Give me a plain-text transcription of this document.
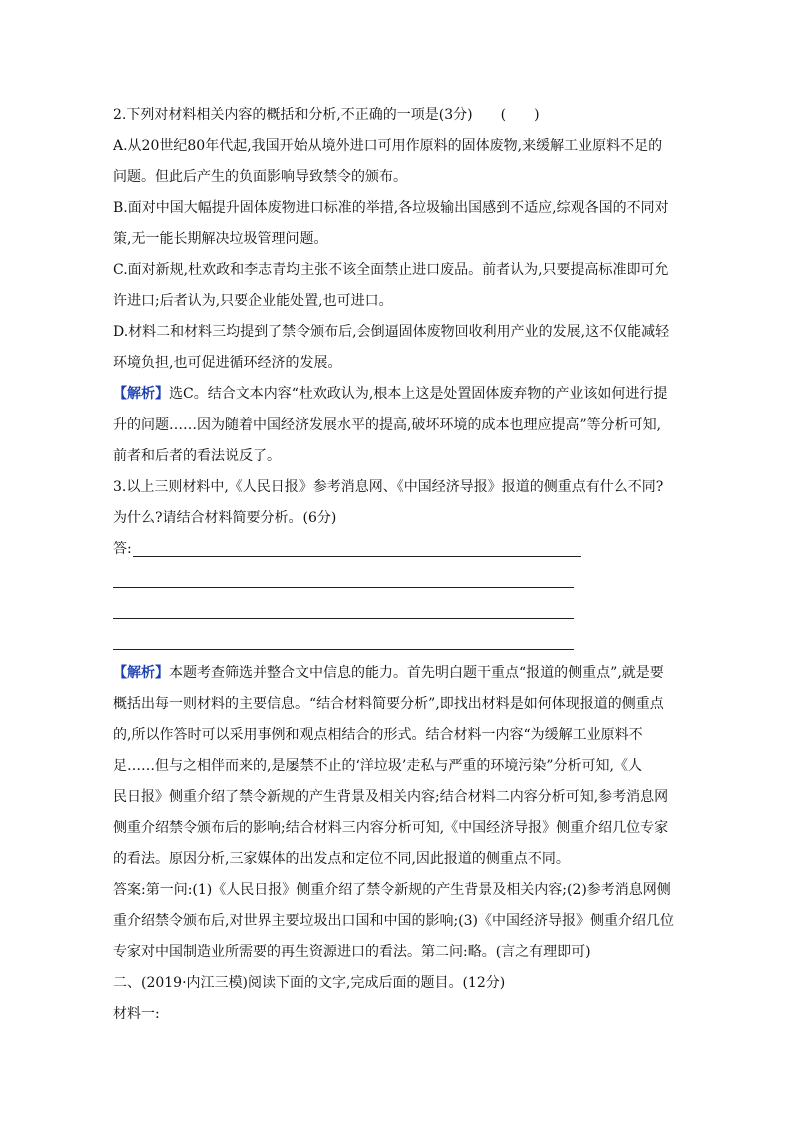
2.下列对材料相关内容的概括和分析,不正确的一项是(3分)　　(　　)

A.从20世纪80年代起,我国开始从境外进口可用作原料的固体废物,来缓解工业原料不足的

问题。但此后产生的负面影响导致禁令的颁布。

B.面对中国大幅提升固体废物进口标准的举措,各垃圾输出国感到不适应,综观各国的不同对

策,无一能长期解决垃圾管理问题。

C.面对新规,杜欢政和李志青均主张不该全面禁止进口废品。前者认为,只要提高标准即可允

许进口;后者认为,只要企业能处置,也可进口。

D.材料二和材料三均提到了禁令颁布后,会倒逼固体废物回收利用产业的发展,这不仅能减轻

环境负担,也可促进循环经济的发展。

【解析】选C。结合文本内容“杜欢政认为,根本上这是处置固体废弃物的产业该如何进行提

升的问题……因为随着中国经济发展水平的提高,破坏环境的成本也理应提高”等分析可知,

前者和后者的看法说反了。

3.以上三则材料中,《人民日报》参考消息网、《中国经济导报》报道的侧重点有什么不同?

为什么?请结合材料简要分析。(6分)

答:

【解析】本题考查筛选并整合文中信息的能力。首先明白题干重点“报道的侧重点”,就是要

概括出每一则材料的主要信息。“结合材料简要分析”,即找出材料是如何体现报道的侧重点

的,所以作答时可以采用事例和观点相结合的形式。结合材料一内容“为缓解工业原料不

足……但与之相伴而来的,是屡禁不止的‘洋垃圾’走私与严重的环境污染”分析可知,《人

民日报》侧重介绍了禁令新规的产生背景及相关内容;结合材料二内容分析可知,参考消息网

侧重介绍禁令颁布后的影响;结合材料三内容分析可知,《中国经济导报》侧重介绍几位专家

的看法。原因分析,三家媒体的出发点和定位不同,因此报道的侧重点不同。

答案:第一问:(1)《人民日报》侧重介绍了禁令新规的产生背景及相关内容;(2)参考消息网侧

重介绍禁令颁布后,对世界主要垃圾出口国和中国的影响;(3)《中国经济导报》侧重介绍几位

专家对中国制造业所需要的再生资源进口的看法。第二问:略。(言之有理即可)

二、(2019·内江三模)阅读下面的文字,完成后面的题目。(12分)

材料一:
